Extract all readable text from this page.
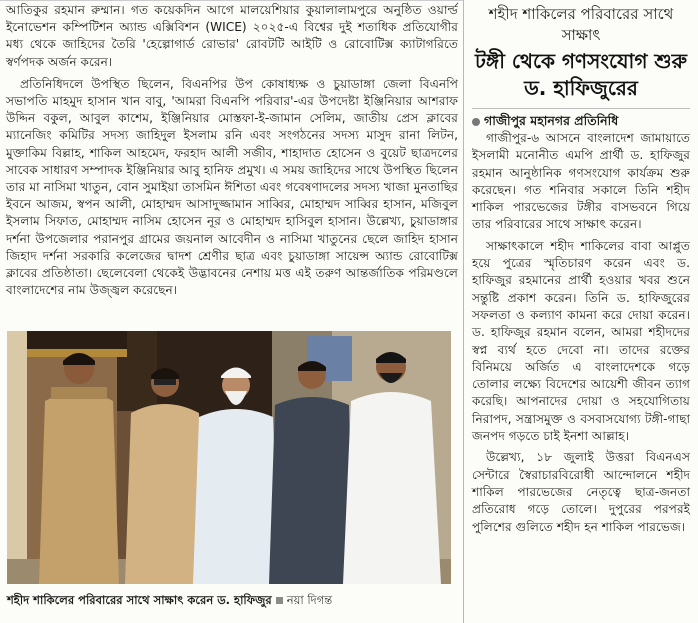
আতিকুর রহমান রুম্মান। গত কয়েকদিন আগে মালয়েশিয়ার কুয়ালালামপুরে অনুষ্ঠিত ওয়ার্ল্ড ইনোভেশন কম্পিটিশন অ্যান্ড এক্সিবিশন (WICE) ২০২৫-এ বিশ্বের দুই শতাধিক প্রতিযোগীর মধ্য থেকে জাহিদের তৈরি 'হেল্পোগার্ড রোভার' রোবটটি আইটি ও রোবোটিক্স ক্যাটাগরিতে স্বর্ণপদক অর্জন করেন।

প্রতিনিধিদলে উপস্থিত ছিলেন, বিএনপির উপ কোষাধ্যক্ষ ও চুয়াডাঙ্গা জেলা বিএনপি সভাপতি মাহমুদ হাসান খান বাবু, 'আমরা বিএনপি পরিবার'-এর উপদেষ্টা ইঞ্জিনিয়ার আশরাফ উদ্দিন বকুল, আবুল কাশেম, ইঞ্জিনিয়ার মোস্তফা-ই-জামান সেলিম, জাতীয় প্রেস ক্লাবের ম্যানেজিং কমিটির সদস্য জাহিদুল ইসলাম রনি এবং সংগঠনের সদস্য মাসুদ রানা লিটন, মুক্তাকিম বিল্লাহ, শাকিল আহমেদ, ফরহাদ আলী সজীব, শাহাদাত হোসেন ও বুয়েট ছাত্রদলের সাবেক সাধারণ সম্পাদক ইঞ্জিনিয়ার আবু হানিফ প্রমুখ। এ সময় জাহিদের সাথে উপস্থিত ছিলেন তার মা নাসিমা খাতুন, বোন সুমাইয়া তাসমিন ঈশিতা এবং গবেষণাদলের সদস্য খাজা মুনতাছির ইবনে আজম, স্বপন আলী, মোহাম্মদ আসাদুজ্জামান সাব্বির, মোহাম্মদ সাব্বির হাসান, মজিবুল ইসলাম সিফাত, মোহাম্মদ নাসিম হোসেন নূর ও মোহাম্মদ হাসিবুল হাসান। উল্লেখ্য, চুয়াডাঙ্গার দর্শনা উপজেলার পরানপুর গ্রামের জয়নাল আবেদীন ও নাসিমা খাতুনের ছেলে জাহিদ হাসান জিহাদ দর্শনা সরকারি কলেজের দ্বাদশ শ্রেণীর ছাত্র এবং চুয়াডাঙ্গা সায়েন্স অ্যান্ড রোবোটিক্স ক্লাবের প্রতিষ্ঠাতা। ছেলেবেলা থেকেই উদ্ভাবনের নেশায় মত্ত এই তরুণ আন্তর্জাতিক পরিমণ্ডলে বাংলাদেশের নাম উজ্জ্বল করেছেন।

শহীদ শাকিলের পরিবারের সাথে সাক্ষাৎ করেন ড. হাফিজুর নয়া দিগন্ত
শহীদ শাকিলের পরিবারের সাথে সাক্ষাৎ
টঙ্গী থেকে গণসংযোগ শুরু ড. হাফিজুরের
গাজীপুর মহানগর প্রতিনিধি

গাজীপুর-৬ আসনে বাংলাদেশ জামায়াতে ইসলামী মনোনীত এমপি প্রার্থী ড. হাফিজুর রহমান আনুষ্ঠানিক গণসংযোগ কার্যক্রম শুরু করেছেন। গত শনিবার সকালে তিনি শহীদ শাকিল পারভেজের টঙ্গীর বাসভবনে গিয়ে তার পরিবারের সাথে সাক্ষাৎ করেন।

সাক্ষাৎকালে শহীদ শাকিলের বাবা আপ্লুত হয়ে পুত্রের স্মৃতিচারণ করেন এবং ড. হাফিজুর রহমানের প্রার্থী হওয়ার খবর শুনে সন্তুষ্টি প্রকাশ করেন। তিনি ড. হাফিজুরের সফলতা ও কল্যাণ কামনা করে দোয়া করেন। ড. হাফিজুর রহমান বলেন, আমরা শহীদদের স্বপ্ন ব্যর্থ হতে দেবো না। তাদের রক্তের বিনিময়ে অর্জিত এ বাংলাদেশকে গড়ে তোলার লক্ষ্যে বিদেশের আয়েশী জীবন ত্যাগ করেছি। আপনাদের দোয়া ও সহযোগিতায় নিরাপদ, সন্ত্রাসমুক্ত ও বসবাসযোগ্য টঙ্গী-গাছা জনপদ গড়তে চাই ইনশা আল্লাহ।

উল্লেখ্য, ১৮ জুলাই উত্তরা বিএনএস সেন্টারে স্বৈরাচারবিরোধী আন্দোলনে শহীদ শাকিল পারভেজের নেতৃত্বে ছাত্র-জনতা প্রতিরোধ গড়ে তোলে। দুপুরের পরপরই পুলিশের গুলিতে শহীদ হন শাকিল পারভেজ।
